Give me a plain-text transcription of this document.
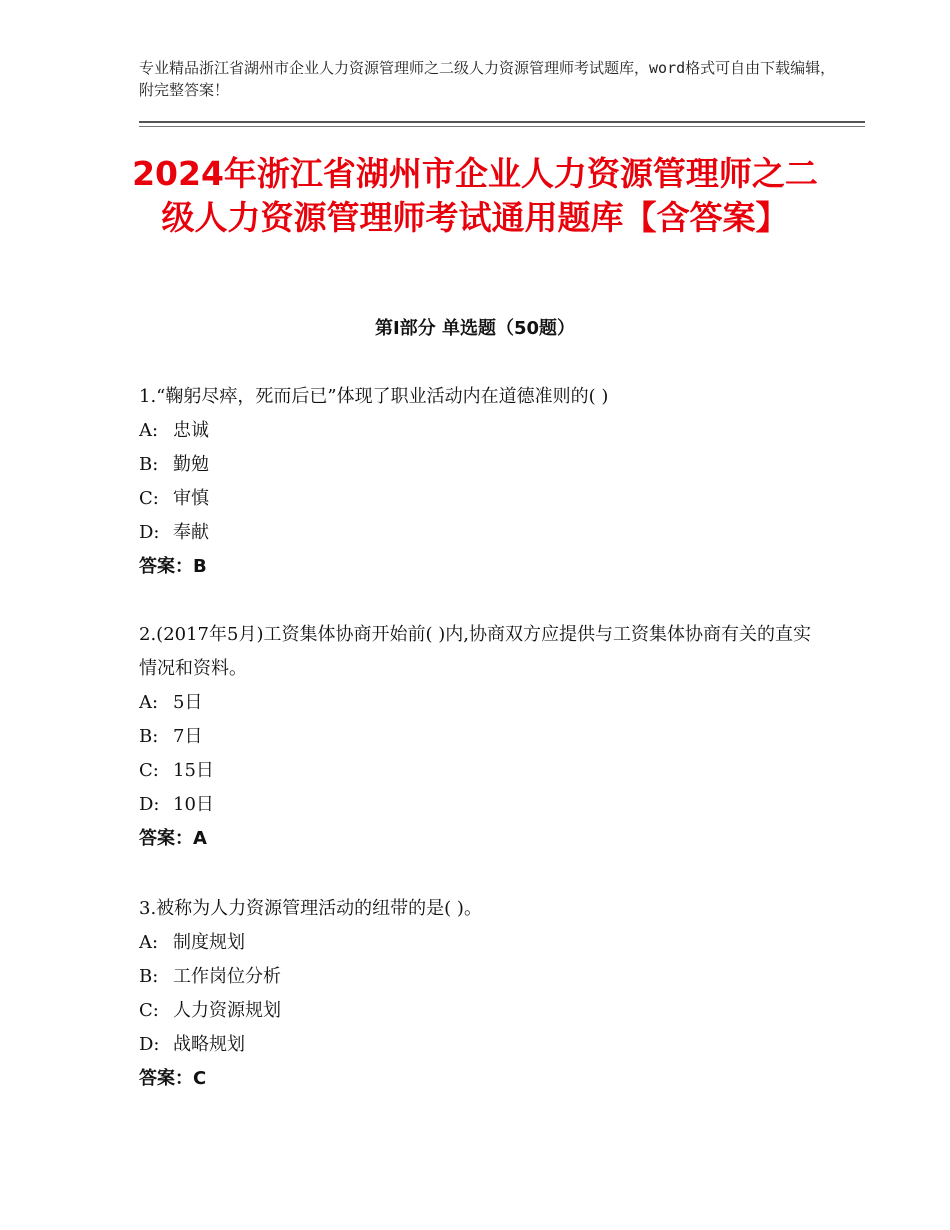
专业精品浙江省湖州市企业人力资源管理师之二级人力资源管理师考试题库，word格式可自由下载编辑，附完整答案！
2024年浙江省湖州市企业人力资源管理师之二级人力资源管理师考试通用题库【含答案】
第Ⅰ部分 单选题（50题）
1.“鞠躬尽瘁，死而后已”体现了职业活动内在道德准则的( )
A: 忠诚
B: 勤勉
C: 审慎
D: 奉献
答案：B
2.(2017年5月)工资集体协商开始前( )内,协商双方应提供与工资集体协商有关的直实情况和资料。
A: 5日
B: 7日
C: 15日
D: 10日
答案：A
3.被称为人力资源管理活动的纽带的是( )。
A: 制度规划
B: 工作岗位分析
C: 人力资源规划
D: 战略规划
答案：C
